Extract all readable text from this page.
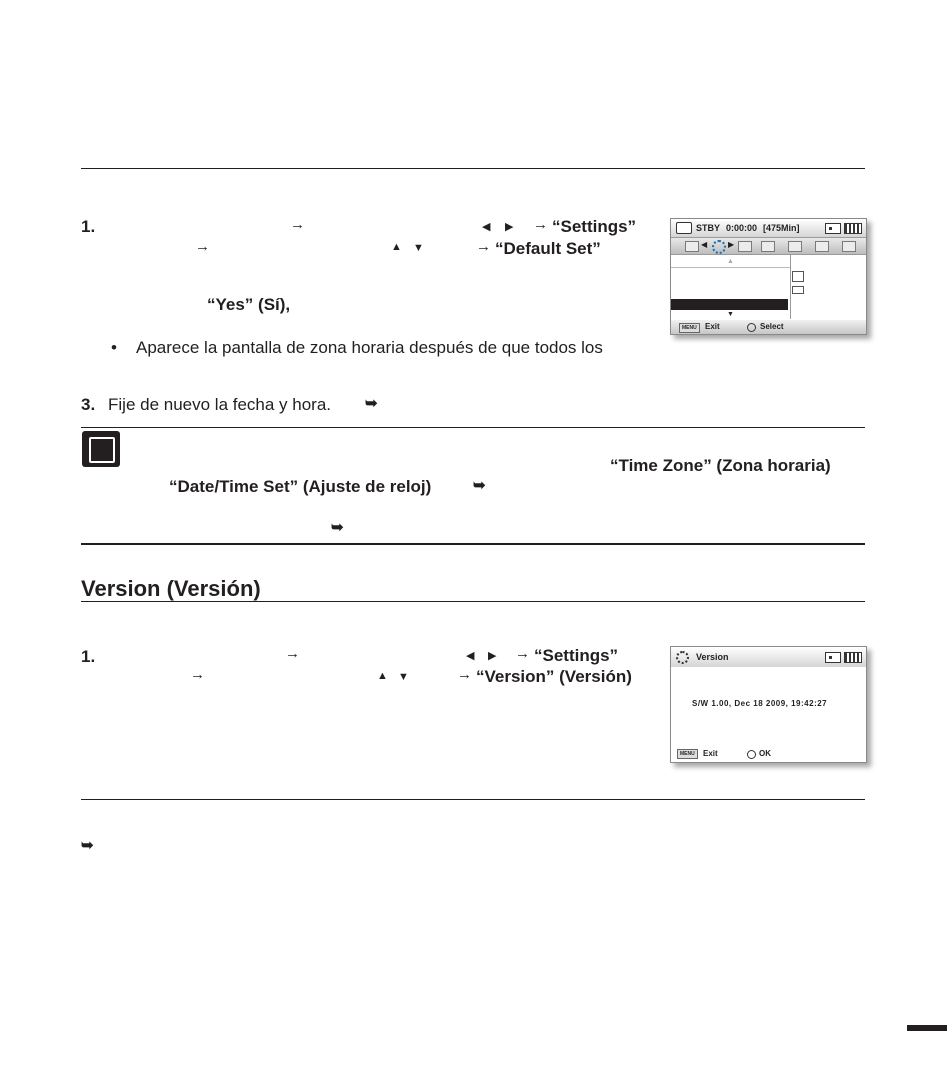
1.	→	◀ ▶ → “Settings”
→	▲ ▼	→ “Default Set”
“Yes” (Sí),
• Aparece la pantalla de zona horaria después de que todos los
3. Fije de nuevo la fecha y hora. ➥
STBY 0:00:00 [475Min]
◀	▶
▲
▼
MENU	Exit	Select
“Time Zone” (Zona horaria)
“Date/Time Set” (Ajuste de reloj)	➥
➥
Version (Versión)
1.	→	◀ ▶ → “Settings”
→	▲ ▼	→ “Version” (Versión)
Version
S/W 1.00, Dec 18 2009, 19:42:27
MENU	Exit	OK
➥
